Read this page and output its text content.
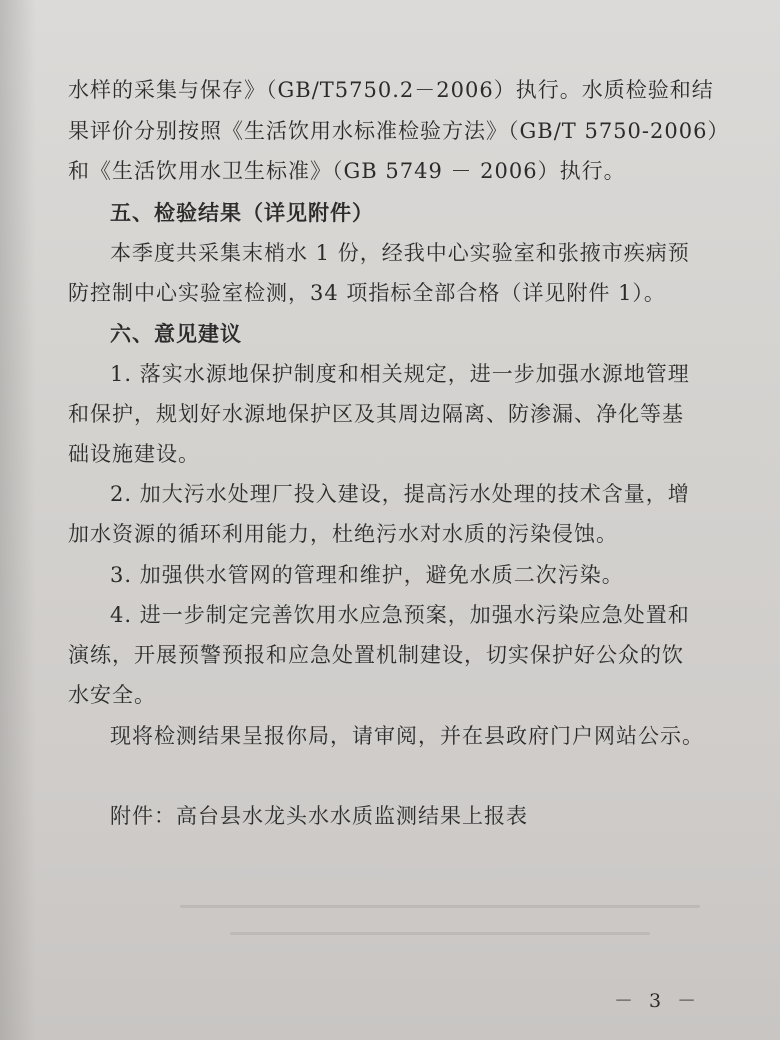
水样的采集与保存》（GB/T5750.2－2006）执行。水质检验和结
果评价分别按照《生活饮用水标准检验方法》（GB/T 5750-2006）
和《生活饮用水卫生标准》（GB 5749 － 2006）执行。
五、检验结果（详见附件）
本季度共采集末梢水 1 份，经我中心实验室和张掖市疾病预
防控制中心实验室检测，34 项指标全部合格（详见附件 1）。
六、意见建议
1. 落实水源地保护制度和相关规定，进一步加强水源地管理
和保护，规划好水源地保护区及其周边隔离、防渗漏、净化等基
础设施建设。
2. 加大污水处理厂投入建设，提高污水处理的技术含量，增
加水资源的循环利用能力，杜绝污水对水质的污染侵蚀。
3. 加强供水管网的管理和维护，避免水质二次污染。
4. 进一步制定完善饮用水应急预案，加强水污染应急处置和
演练，开展预警预报和应急处置机制建设，切实保护好公众的饮
水安全。
现将检测结果呈报你局，请审阅，并在县政府门户网站公示。
附件：高台县水龙头水水质监测结果上报表
－ 3 －
